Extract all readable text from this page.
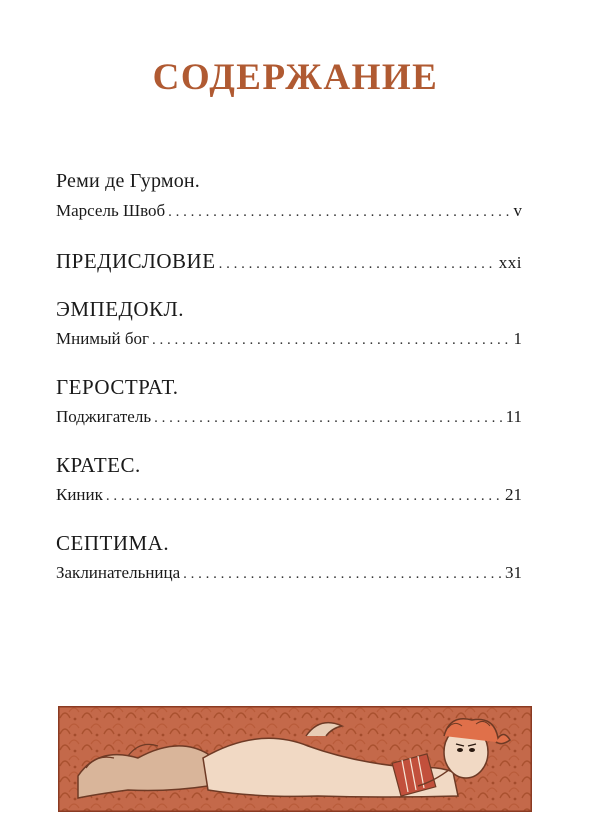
СОДЕРЖАНИЕ
Реми де Гурмон.
Марсель Швоб . . .	v
ПРЕДИСЛОВИЕ . . .	xxi
ЭМПЕДОКЛ.
Мнимый бог . . .	1
ГЕРОСТРАТ.
Поджигатель . . .	11
КРАТЕС.
Киник . . .	21
СЕПТИМА.
Заклинательница . . .	31
